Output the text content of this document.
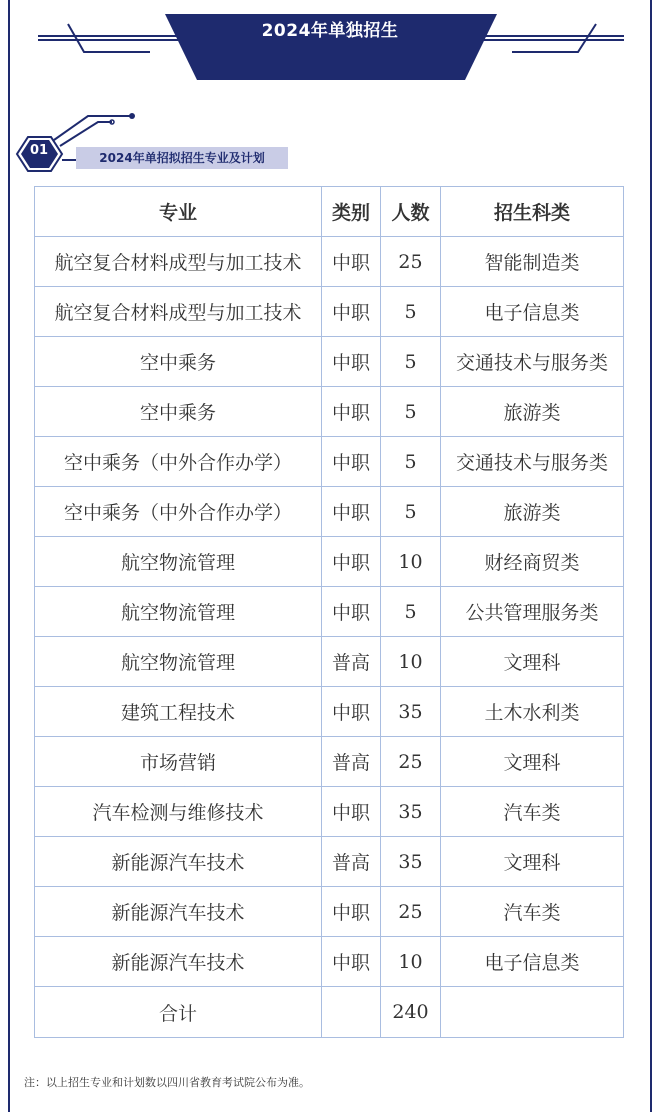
2024年单独招生
01	2024年单招拟招生专业及计划
专业	类别	人数	招生科类
航空复合材料成型与加工技术	中职	25	智能制造类
航空复合材料成型与加工技术	中职	5	电子信息类
空中乘务	中职	5	交通技术与服务类
空中乘务	中职	5	旅游类
空中乘务（中外合作办学）	中职	5	交通技术与服务类
空中乘务（中外合作办学）	中职	5	旅游类
航空物流管理	中职	10	财经商贸类
航空物流管理	中职	5	公共管理服务类
航空物流管理	普高	10	文理科
建筑工程技术	中职	35	土木水利类
市场营销	普高	25	文理科
汽车检测与维修技术	中职	35	汽车类
新能源汽车技术	普高	35	文理科
新能源汽车技术	中职	25	汽车类
新能源汽车技术	中职	10	电子信息类
合计		240	
注：以上招生专业和计划数以四川省教育考试院公布为准。
